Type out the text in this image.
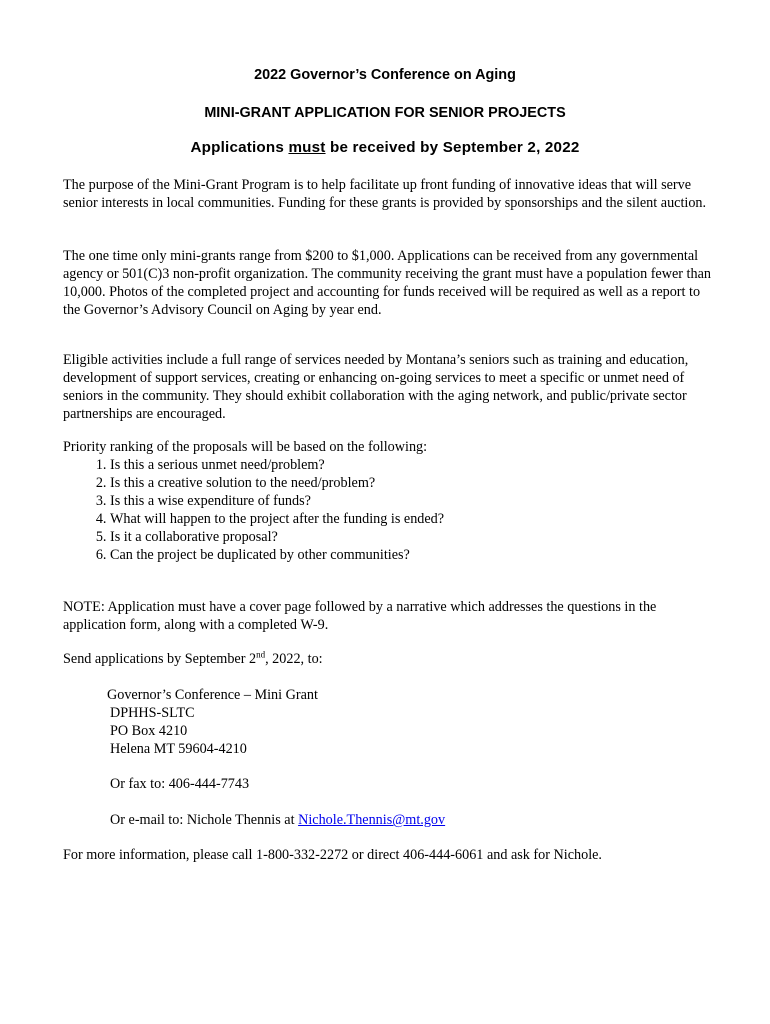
2022 Governor’s Conference on Aging

MINI-GRANT APPLICATION FOR SENIOR PROJECTS

Applications must be received by September 2, 2022

The purpose of the Mini-Grant Program is to help facilitate up front funding of innovative ideas that will serve senior interests in local communities. Funding for these grants is provided by sponsorships and the silent auction.

The one time only mini-grants range from $200 to $1,000. Applications can be received from any governmental agency or 501(C)3 non-profit organization. The community receiving the grant must have a population fewer than 10,000. Photos of the completed project and accounting for funds received will be required as well as a report to the Governor’s Advisory Council on Aging by year end.

Eligible activities include a full range of services needed by Montana’s seniors such as training and education, development of support services, creating or enhancing on-going services to meet a specific or unmet need of seniors in the community. They should exhibit collaboration with the aging network, and public/private sector partnerships are encouraged.

Priority ranking of the proposals will be based on the following:

1. Is this a serious unmet need/problem?
2. Is this a creative solution to the need/problem?
3. Is this a wise expenditure of funds?
4. What will happen to the project after the funding is ended?
5. Is it a collaborative proposal?
6. Can the project be duplicated by other communities?

NOTE: Application must have a cover page followed by a narrative which addresses the questions in the application form, along with a completed W-9.

Send applications by September 2nd, 2022, to:

Governor’s Conference – Mini Grant
DPHHS-SLTC
PO Box 4210
Helena MT 59604-4210

Or fax to: 406-444-7743

Or e-mail to: Nichole Thennis at Nichole.Thennis@mt.gov

For more information, please call 1-800-332-2272 or direct 406-444-6061 and ask for Nichole.
